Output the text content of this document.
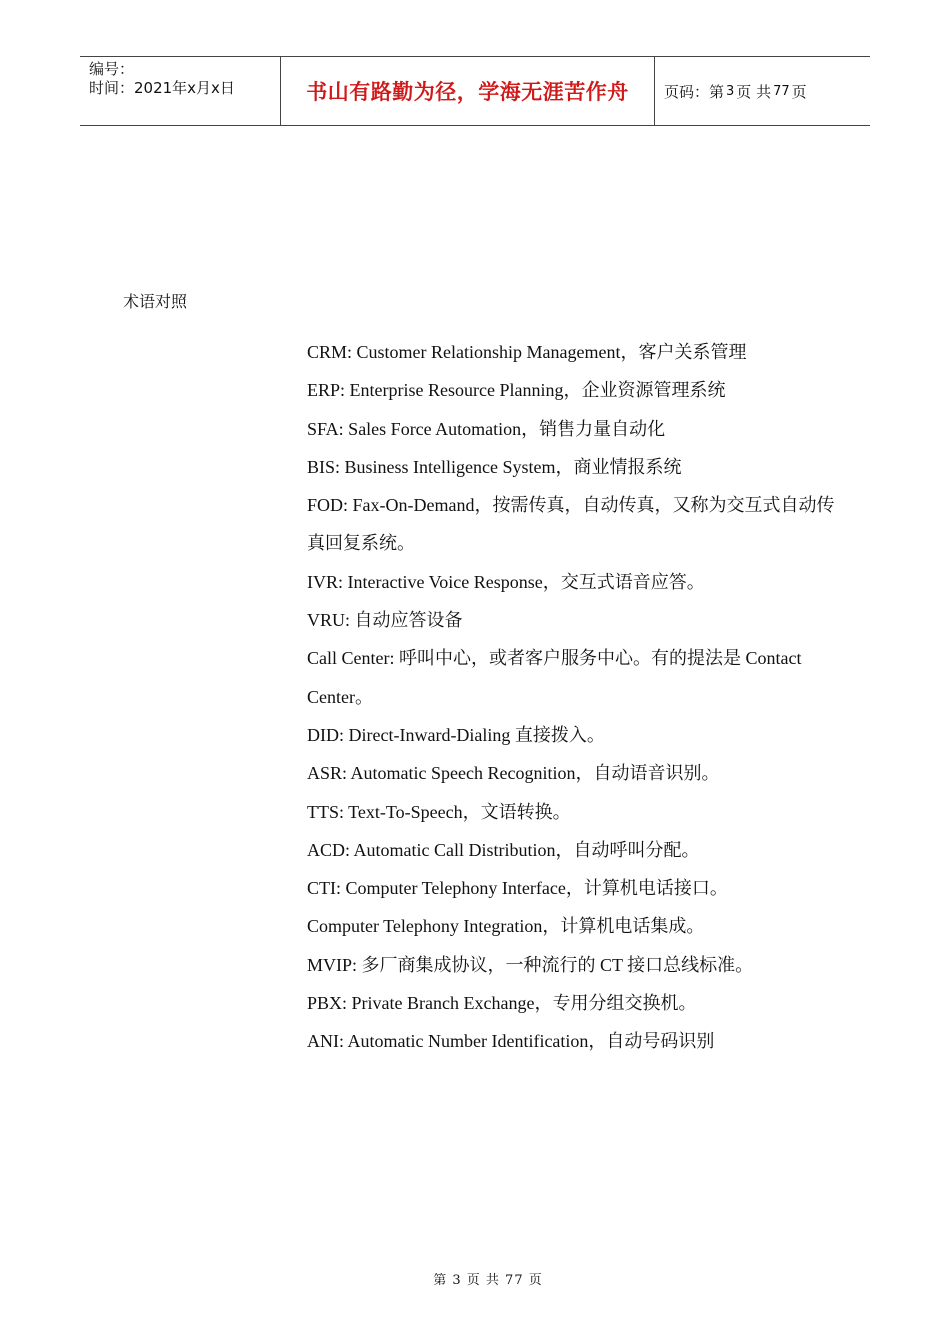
编号：
时间：2021年x月x日	书山有路勤为径，学海无涯苦作舟 页码：第 3 页 共 77 页
术语对照
CRM: Customer Relationship Management，客户关系管理
ERP: Enterprise Resource Planning，企业资源管理系统
SFA: Sales Force Automation，销售力量自动化
BIS: Business Intelligence System，商业情报系统
FOD: Fax-On-Demand，按需传真，自动传真，又称为交互式自动传真回复系统。
IVR: Interactive Voice Response，交互式语音应答。
VRU: 自动应答设备
Call Center: 呼叫中心，或者客户服务中心。有的提法是 Contact Center。
DID: Direct-Inward-Dialing 直接拨入。
ASR: Automatic Speech Recognition，自动语音识别。
TTS: Text-To-Speech，文语转换。
ACD: Automatic Call Distribution，自动呼叫分配。
CTI: Computer Telephony Interface，计算机电话接口。
Computer Telephony Integration，计算机电话集成。
MVIP: 多厂商集成协议，一种流行的 CT 接口总线标准。
PBX: Private Branch Exchange，专用分组交换机。
ANI: Automatic Number Identification，自动号码识别
第 3 页 共 77 页
